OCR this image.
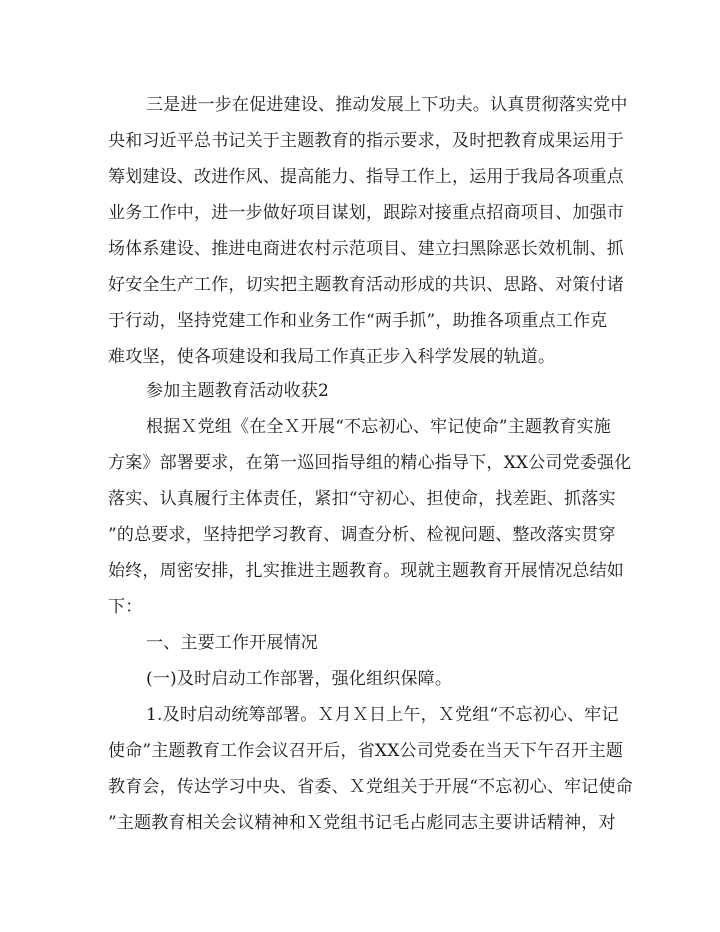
三是进一步在促进建设、推动发展上下功夫。认真贯彻落实党中
央和习近平总书记关于主题教育的指示要求，及时把教育成果运用于
筹划建设、改进作风、提高能力、指导工作上，运用于我局各项重点
业务工作中，进一步做好项目谋划，跟踪对接重点招商项目、加强市
场体系建设、推进电商进农村示范项目、建立扫黑除恶长效机制、抓
好安全生产工作，切实把主题教育活动形成的共识、思路、对策付诸
于行动，坚持党建工作和业务工作“两手抓”，助推各项重点工作克
难攻坚，使各项建设和我局工作真正步入科学发展的轨道。
参加主题教育活动收获2
根据Ｘ党组《在全Ｘ开展“不忘初心、牢记使命”主题教育实施
方案》部署要求，在第一巡回指导组的精心指导下，XX公司党委强化
落实、认真履行主体责任，紧扣“守初心、担使命，找差距、抓落实
”的总要求，坚持把学习教育、调查分析、检视问题、整改落实贯穿
始终，周密安排，扎实推进主题教育。现就主题教育开展情况总结如
下：
一、主要工作开展情况
(一)及时启动工作部署，强化组织保障。
1.及时启动统筹部署。Ｘ月Ｘ日上午，Ｘ党组“不忘初心、牢记
使命”主题教育工作会议召开后，省XX公司党委在当天下午召开主题
教育会，传达学习中央、省委、Ｘ党组关于开展“不忘初心、牢记使命
”主题教育相关会议精神和Ｘ党组书记毛占彪同志主要讲话精神，对
